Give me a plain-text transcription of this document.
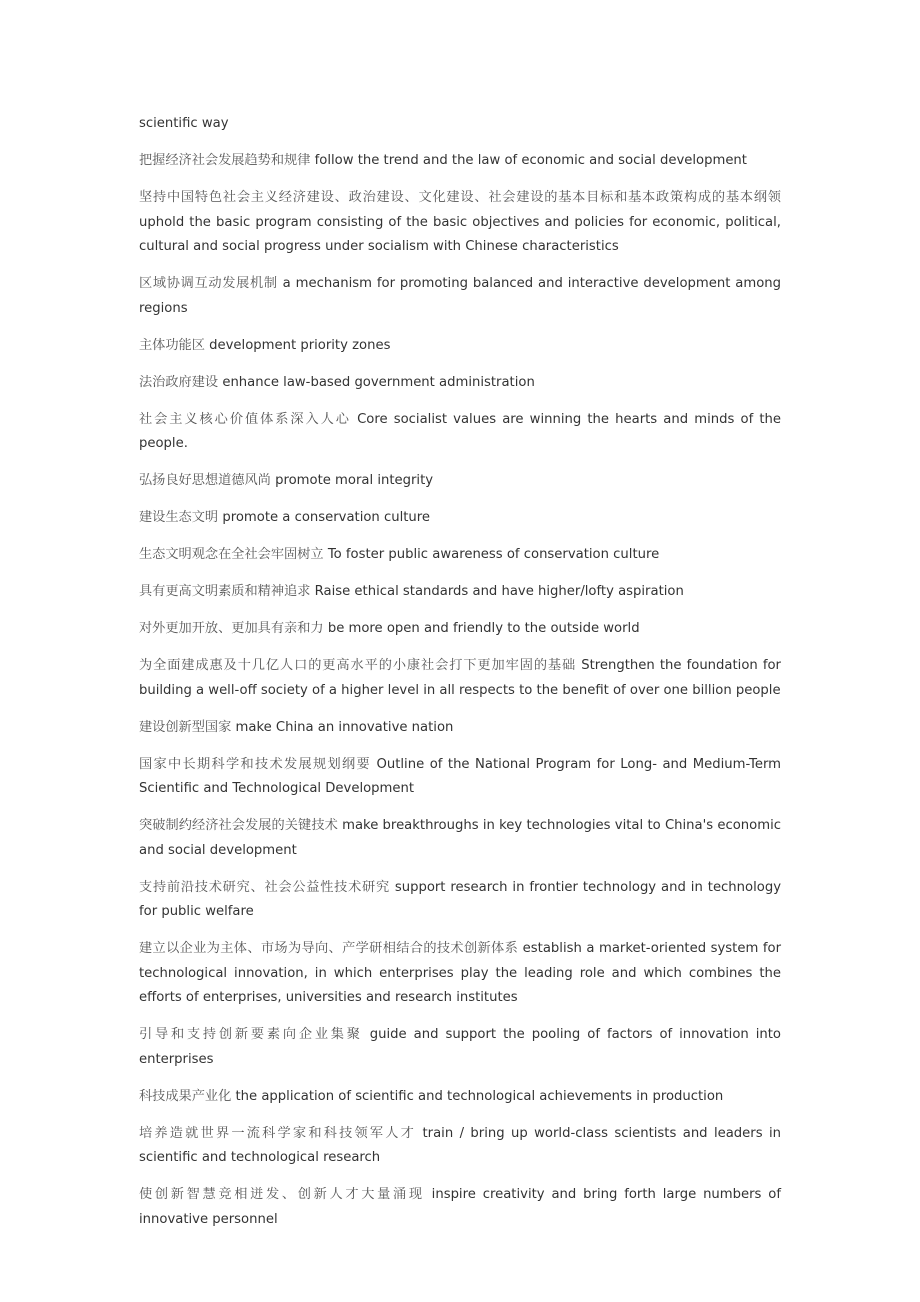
scientific way

把握经济社会发展趋势和规律 follow the trend and the law of economic and social development

坚持中国特色社会主义经济建设、政治建设、文化建设、社会建设的基本目标和基本政策构成的基本纲领 uphold the basic program consisting of the basic objectives and policies for economic, political, cultural and social progress under socialism with Chinese characteristics

区域协调互动发展机制 a mechanism for promoting balanced and interactive development among regions

主体功能区 development priority zones

法治政府建设 enhance law-based government administration

社会主义核心价值体系深入人心 Core socialist values are winning the hearts and minds of the people.

弘扬良好思想道德风尚 promote moral integrity

建设生态文明 promote a conservation culture

生态文明观念在全社会牢固树立 To foster public awareness of conservation culture

具有更高文明素质和精神追求 Raise ethical standards and have higher/lofty aspiration

对外更加开放、更加具有亲和力 be more open and friendly to the outside world

为全面建成惠及十几亿人口的更高水平的小康社会打下更加牢固的基础 Strengthen the foundation for building a well-off society of a higher level in all respects to the benefit of over one billion people

建设创新型国家 make China an innovative nation

国家中长期科学和技术发展规划纲要 Outline of the National Program for Long- and Medium-Term Scientific and Technological Development

突破制约经济社会发展的关键技术 make breakthroughs in key technologies vital to China's economic and social development

支持前沿技术研究、社会公益性技术研究 support research in frontier technology and in technology for public welfare

建立以企业为主体、市场为导向、产学研相结合的技术创新体系 establish a market-oriented system for technological innovation, in which enterprises play the leading role and which combines the efforts of enterprises, universities and research institutes

引导和支持创新要素向企业集聚 guide and support the pooling of factors of innovation into enterprises

科技成果产业化 the application of scientific and technological achievements in production

培养造就世界一流科学家和科技领军人才 train / bring up world-class scientists and leaders in scientific and technological research

使创新智慧竞相迸发、创新人才大量涌现 inspire creativity and bring forth large numbers of innovative personnel
